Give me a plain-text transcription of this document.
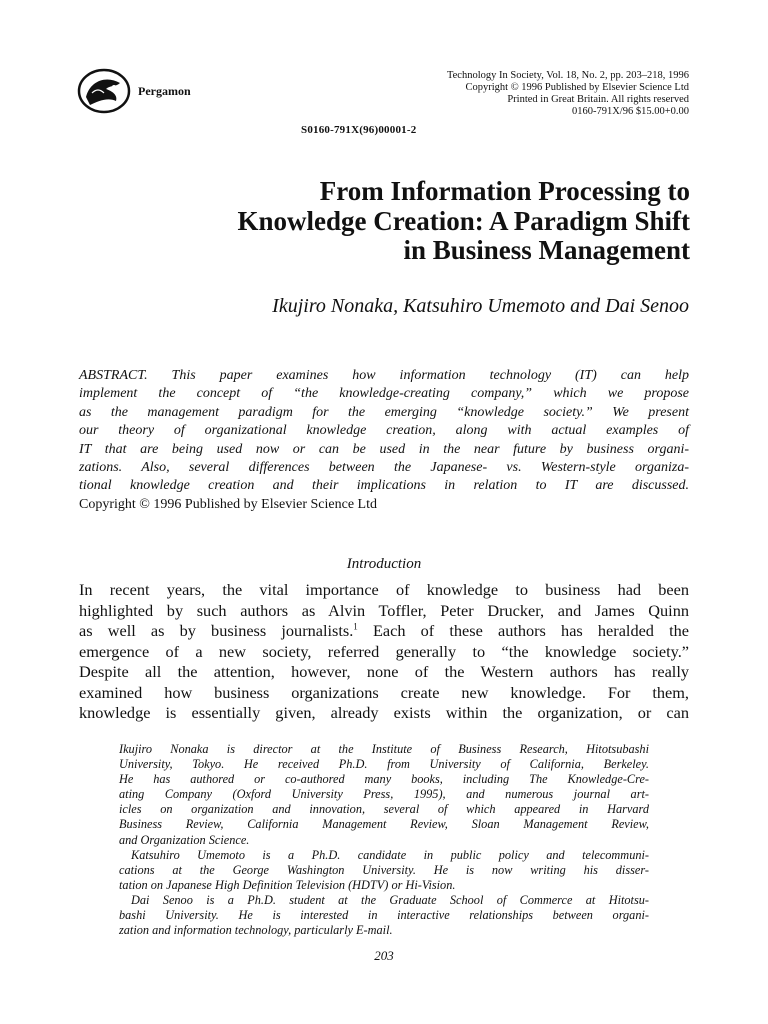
Pergamon
Technology In Society, Vol. 18, No. 2, pp. 203–218, 1996
Copyright © 1996 Published by Elsevier Science Ltd
Printed in Great Britain. All rights reserved
0160-791X/96 $15.00+0.00
S0160-791X(96)00001-2
From Information Processing to
Knowledge Creation: A Paradigm Shift
in Business Management
Ikujiro Nonaka, Katsuhiro Umemoto and Dai Senoo
ABSTRACT. This paper examines how information technology (IT) can help
implement the concept of “the knowledge-creating company,” which we propose
as the management paradigm for the emerging “knowledge society.” We present
our theory of organizational knowledge creation, along with actual examples of
IT that are being used now or can be used in the near future by business organi-
zations. Also, several differences between the Japanese- vs. Western-style organiza-
tional knowledge creation and their implications in relation to IT are discussed.
Copyright © 1996 Published by Elsevier Science Ltd
Introduction
In recent years, the vital importance of knowledge to business had been
highlighted by such authors as Alvin Toffler, Peter Drucker, and James Quinn
as well as by business journalists.$^1$ Each of these authors has heralded the
emergence of a new society, referred generally to “the knowledge society.”
Despite all the attention, however, none of the Western authors has really
examined how business organizations create new knowledge. For them,
knowledge is essentially given, already exists within the organization, or can
Ikujiro Nonaka is director at the Institute of Business Research, Hitotsubashi
University, Tokyo. He received Ph.D. from University of California, Berkeley.
He has authored or co-authored many books, including The Knowledge-Cre-
ating Company (Oxford University Press, 1995), and numerous journal art-
icles on organization and innovation, several of which appeared in Harvard
Business Review, California Management Review, Sloan Management Review,
and Organization Science.
Katsuhiro Umemoto is a Ph.D. candidate in public policy and telecommuni-
cations at the George Washington University. He is now writing his disser-
tation on Japanese High Definition Television (HDTV) or Hi-Vision.
Dai Senoo is a Ph.D. student at the Graduate School of Commerce at Hitotsu-
bashi University. He is interested in interactive relationships between organi-
zation and information technology, particularly E-mail.
203
